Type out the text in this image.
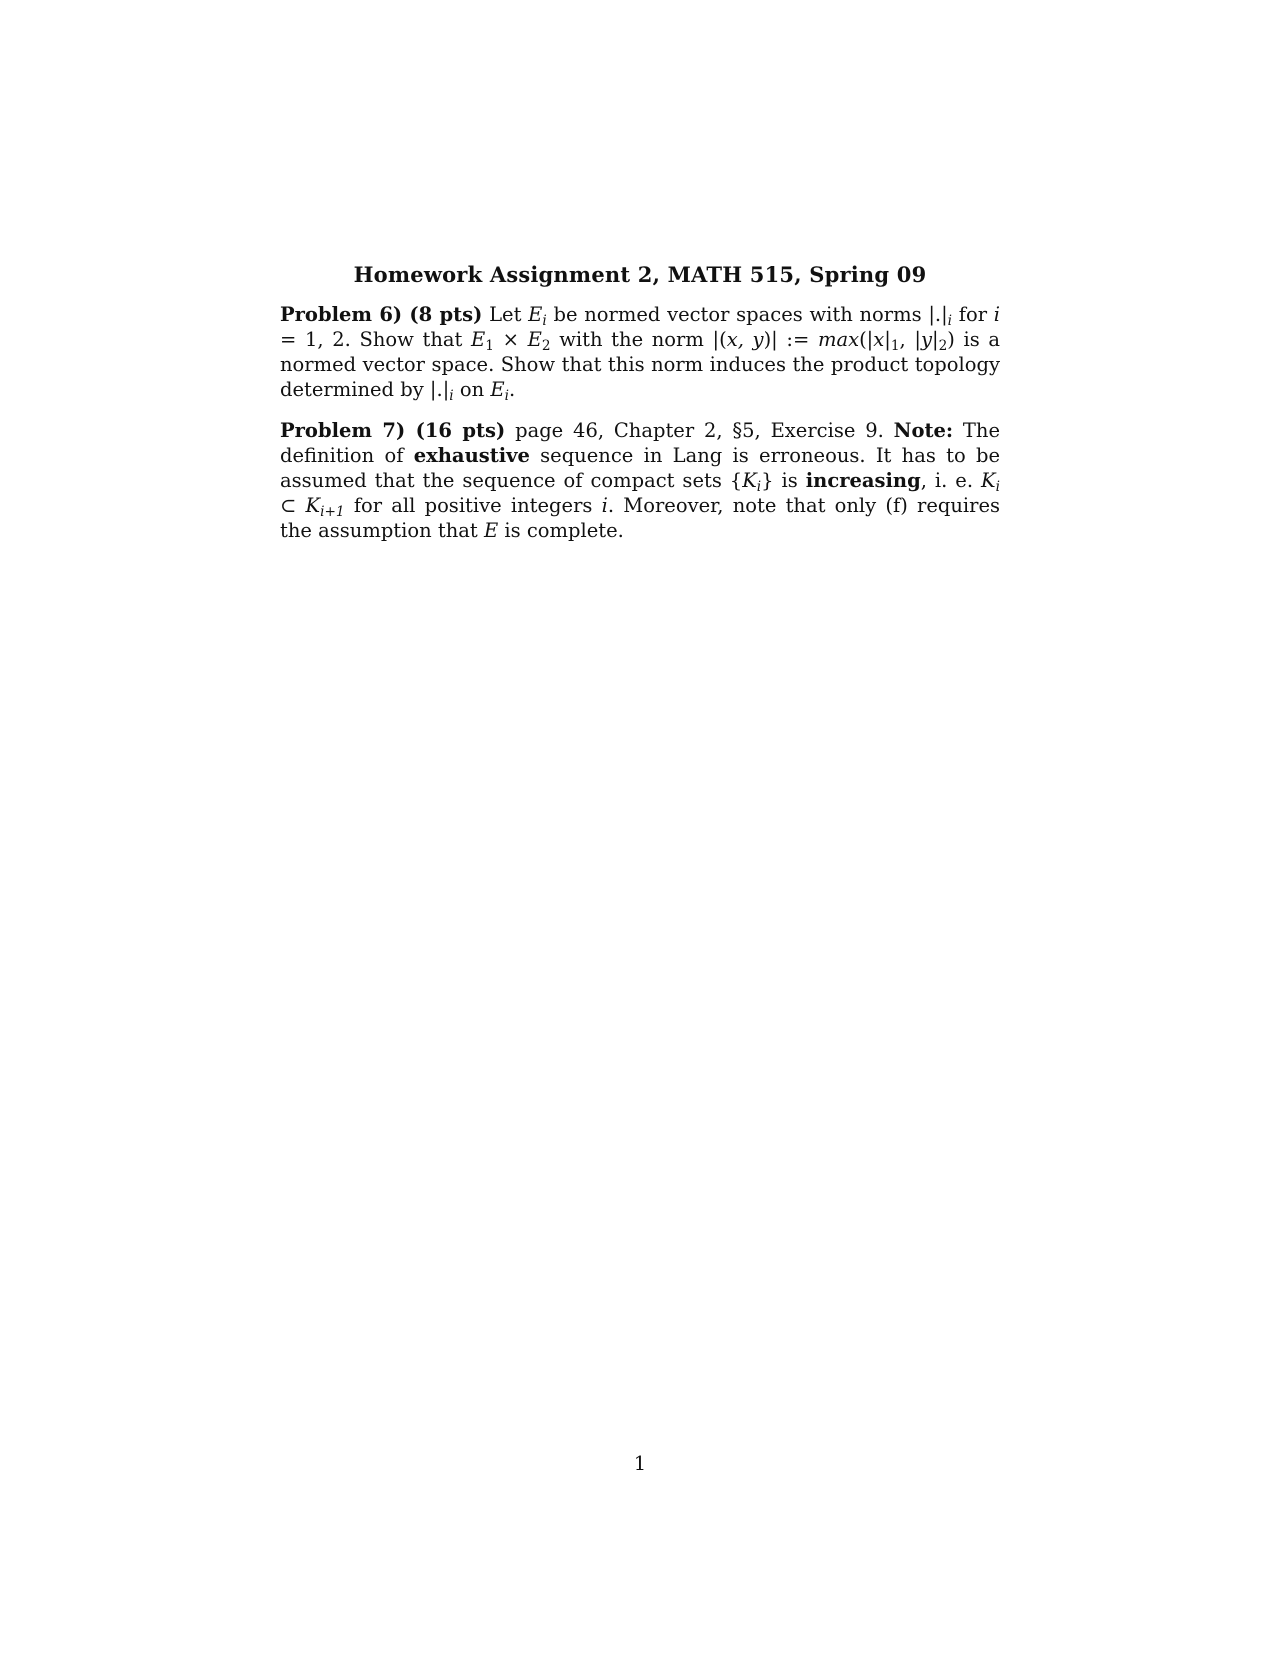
Homework Assignment 2, MATH 515, Spring 09
Problem 6) (8 pts) Let $E_i$ be normed vector spaces with norms $|.|_i$ for i = 1, 2. Show that $E_1 \times E_2$ with the norm |(x, y)| := $\max(|x|_1$, $|y|_2$) is a normed vector space. Show that this norm induces the product topology determined by $|.|_i$ on $E_i$.
Problem 7) (16 pts) page 46, Chapter 2, §5, Exercise 9. Note: The definition of exhaustive sequence in Lang is erroneous. It has to be assumed that the sequence of compact sets $\{K_i\}$ is increasing, i. e. $K_i$ ⊂ $K_{i+1}$ for all positive integers i. Moreover, note that only (f) requires the assumption that E is complete.
1
